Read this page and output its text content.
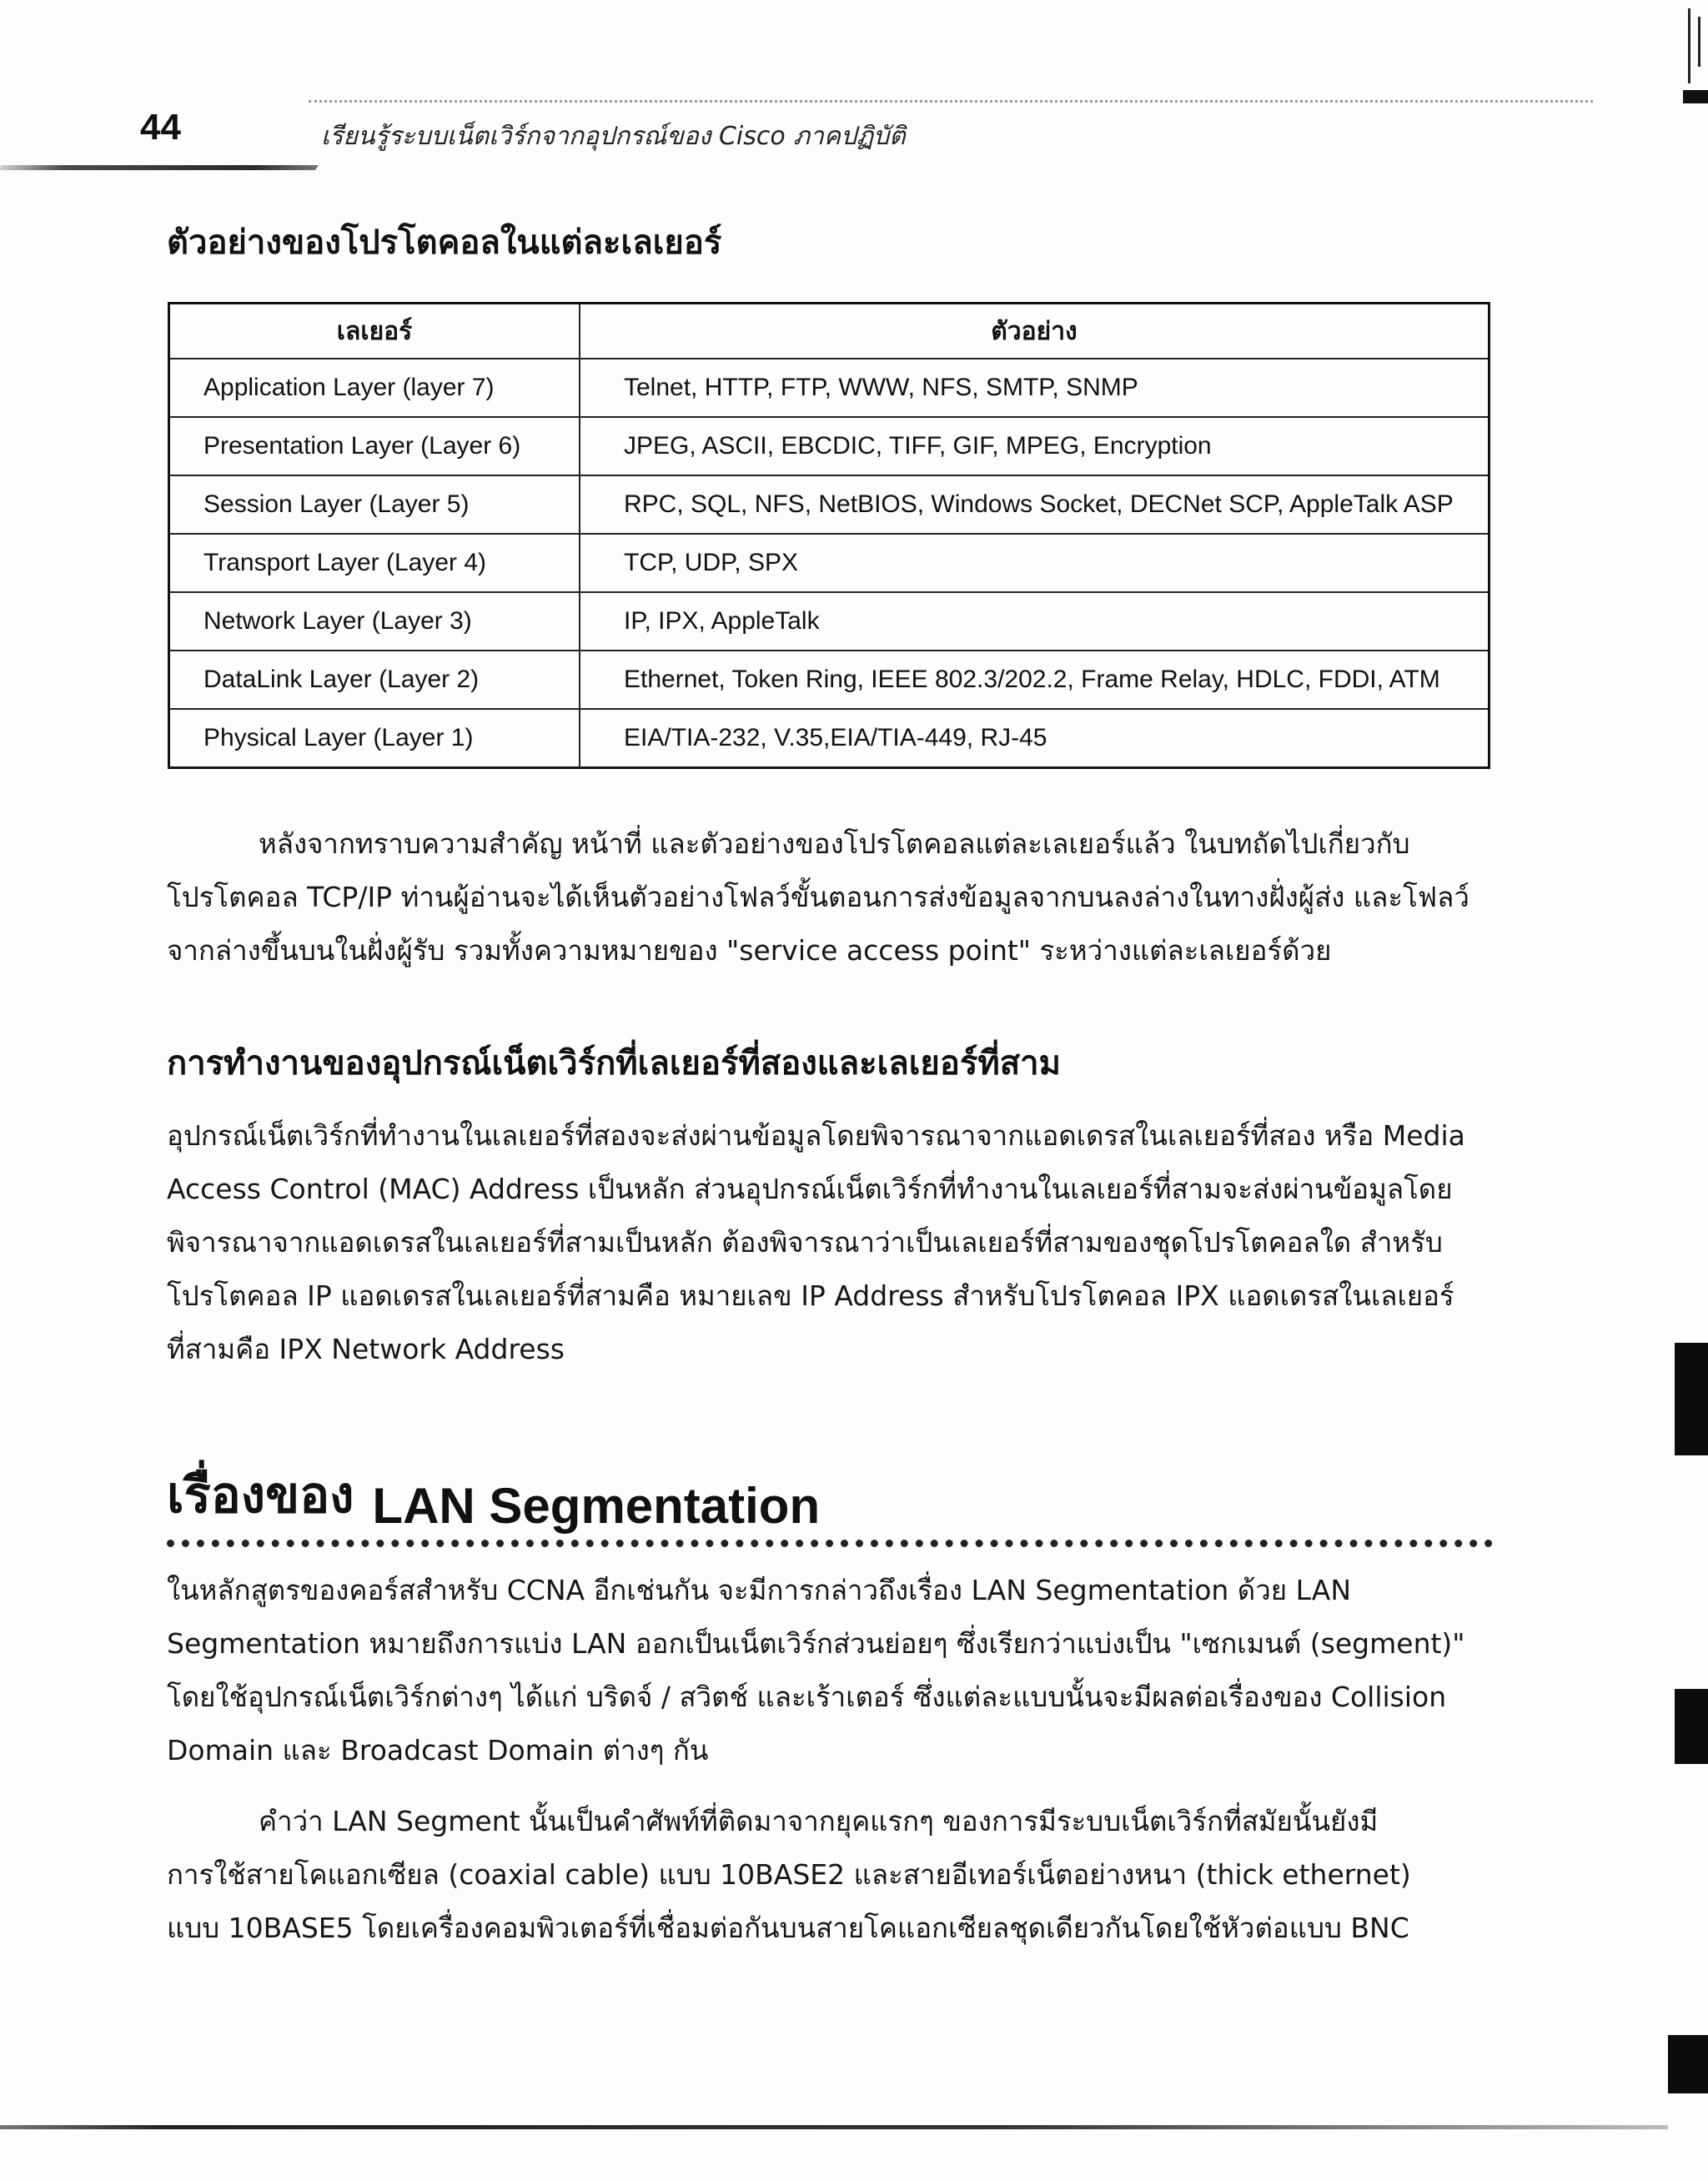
44	เรียนรู้ระบบเน็ตเวิร์กจากอุปกรณ์ของ Cisco ภาคปฏิบัติ
ตัวอย่างของโปรโตคอลในแต่ละเลเยอร์
เลเยอร์	ตัวอย่าง
Application Layer (layer 7)	Telnet, HTTP, FTP, WWW, NFS, SMTP, SNMP
Presentation Layer (Layer 6)	JPEG, ASCII, EBCDIC, TIFF, GIF, MPEG, Encryption
Session Layer (Layer 5)	RPC, SQL, NFS, NetBIOS, Windows Socket, DECNet SCP, AppleTalk ASP
Transport Layer (Layer 4)	TCP, UDP, SPX
Network Layer (Layer 3)	IP, IPX, AppleTalk
DataLink Layer (Layer 2)	Ethernet, Token Ring, IEEE 802.3/202.2, Frame Relay, HDLC, FDDI, ATM
Physical Layer (Layer 1)	EIA/TIA-232, V.35,EIA/TIA-449, RJ-45
หลังจากทราบความสำคัญ หน้าที่ และตัวอย่างของโปรโตคอลแต่ละเลเยอร์แล้ว ในบทถัดไปเกี่ยวกับ
โปรโตคอล TCP/IP ท่านผู้อ่านจะได้เห็นตัวอย่างโฟลว์ขั้นตอนการส่งข้อมูลจากบนลงล่างในทางฝั่งผู้ส่ง และโฟลว์
จากล่างขึ้นบนในฝั่งผู้รับ รวมทั้งความหมายของ "service access point" ระหว่างแต่ละเลเยอร์ด้วย
การทำงานของอุปกรณ์เน็ตเวิร์กที่เลเยอร์ที่สองและเลเยอร์ที่สาม
อุปกรณ์เน็ตเวิร์กที่ทำงานในเลเยอร์ที่สองจะส่งผ่านข้อมูลโดยพิจารณาจากแอดเดรสในเลเยอร์ที่สอง หรือ Media
Access Control (MAC) Address เป็นหลัก ส่วนอุปกรณ์เน็ตเวิร์กที่ทำงานในเลเยอร์ที่สามจะส่งผ่านข้อมูลโดย
พิจารณาจากแอดเดรสในเลเยอร์ที่สามเป็นหลัก ต้องพิจารณาว่าเป็นเลเยอร์ที่สามของชุดโปรโตคอลใด สำหรับ
โปรโตคอล IP แอดเดรสในเลเยอร์ที่สามคือ หมายเลข IP Address สำหรับโปรโตคอล IPX แอดเดรสในเลเยอร์
ที่สามคือ IPX Network Address
เรื่องของ LAN Segmentation
ในหลักสูตรของคอร์สสำหรับ CCNA อีกเช่นกัน จะมีการกล่าวถึงเรื่อง LAN Segmentation ด้วย LAN
Segmentation หมายถึงการแบ่ง LAN ออกเป็นเน็ตเวิร์กส่วนย่อยๆ ซึ่งเรียกว่าแบ่งเป็น "เซกเมนต์ (segment)"
โดยใช้อุปกรณ์เน็ตเวิร์กต่างๆ ได้แก่ บริดจ์ / สวิตช์ และเร้าเตอร์ ซึ่งแต่ละแบบนั้นจะมีผลต่อเรื่องของ Collision
Domain และ Broadcast Domain ต่างๆ กัน
คำว่า LAN Segment นั้นเป็นคำศัพท์ที่ติดมาจากยุคแรกๆ ของการมีระบบเน็ตเวิร์กที่สมัยนั้นยังมี
การใช้สายโคแอกเซียล (coaxial cable) แบบ 10BASE2 และสายอีเทอร์เน็ตอย่างหนา (thick ethernet)
แบบ 10BASE5 โดยเครื่องคอมพิวเตอร์ที่เชื่อมต่อกันบนสายโคแอกเซียลชุดเดียวกันโดยใช้หัวต่อแบบ BNC
